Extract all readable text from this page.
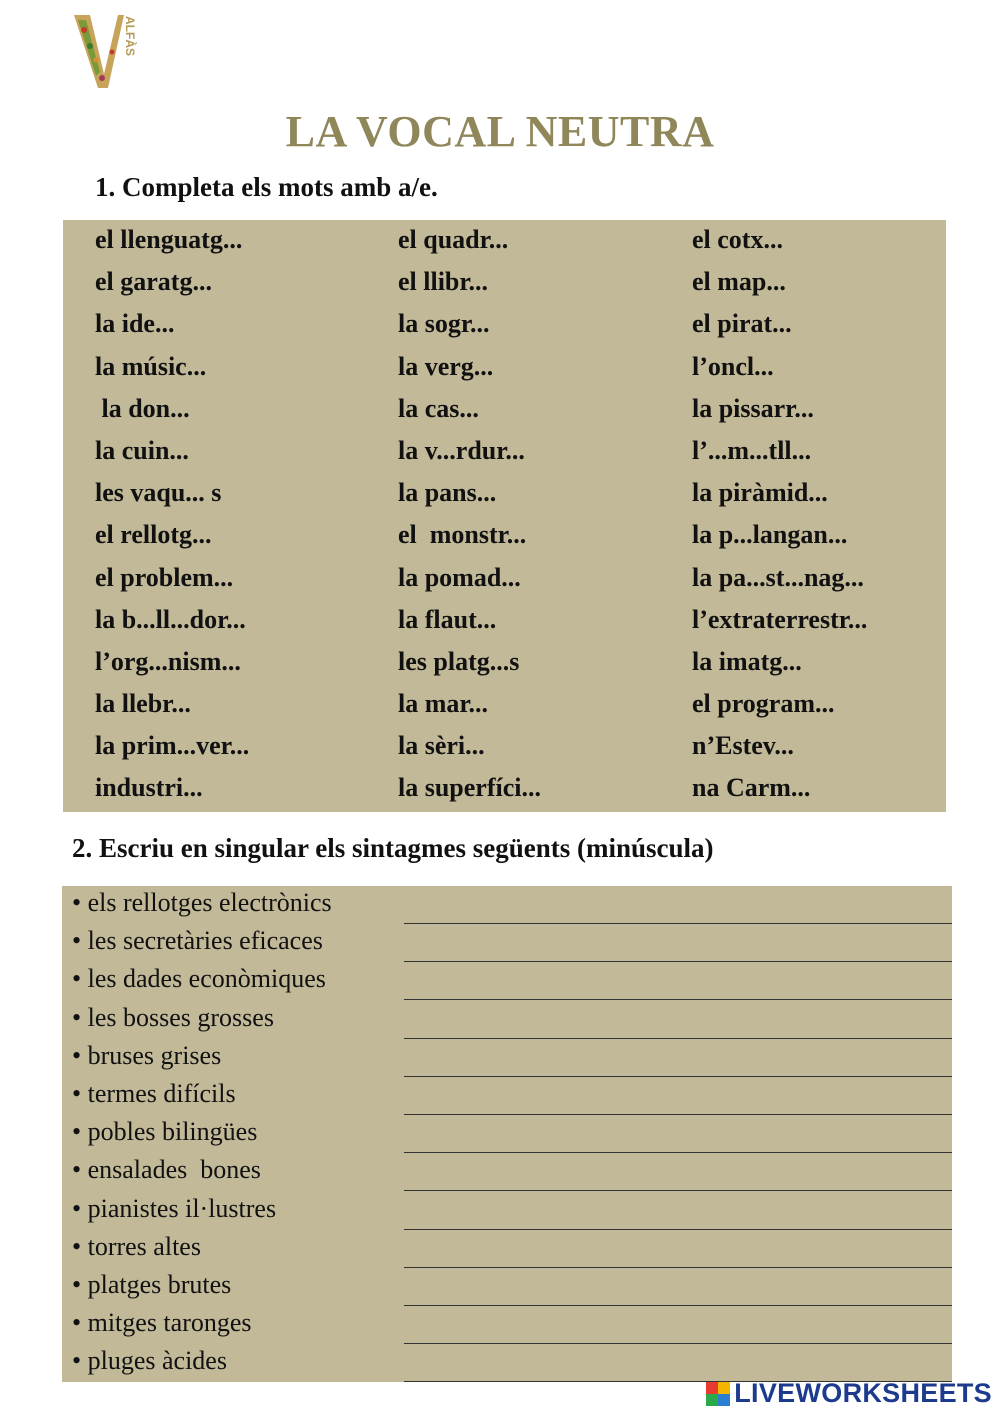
ALFÀS
LA VOCAL NEUTRA

1. Completa els mots amb a/e.

el llenguatg...
el garatg...
la ide...
la músic...
la don...
la cuin...
les vaqu... s
el rellotg...
el problem...
la b...ll...dor...
l’org...nism...
la llebr...
la prim...ver...
industri...
el quadr...
el llibr...
la sogr...
la verg...
la cas...
la v...rdur...
la pans...
el  monstr...
la pomad...
la flaut...
les platg...s
la mar...
la sèri...
la superfíci...
el cotx...
el map...
el pirat...
l’oncl...
la pissarr...
l’...m...tll...
la piràmid...
la p...langan...
la pa...st...nag...
l’extraterrestr...
la imatg...
el program...
n’Estev...
na Carm...

2. Escriu en singular els sintagmes següents (minúscula)

• els rellotges electrònics
• les secretàries eficaces
• les dades econòmiques
• les bosses grosses
• bruses grises
• termes difícils
• pobles bilingües
• ensalades  bones
• pianistes il·lustres
• torres altes
• platges brutes
• mitges taronges
• pluges àcides
LIVEWORKSHEETS
